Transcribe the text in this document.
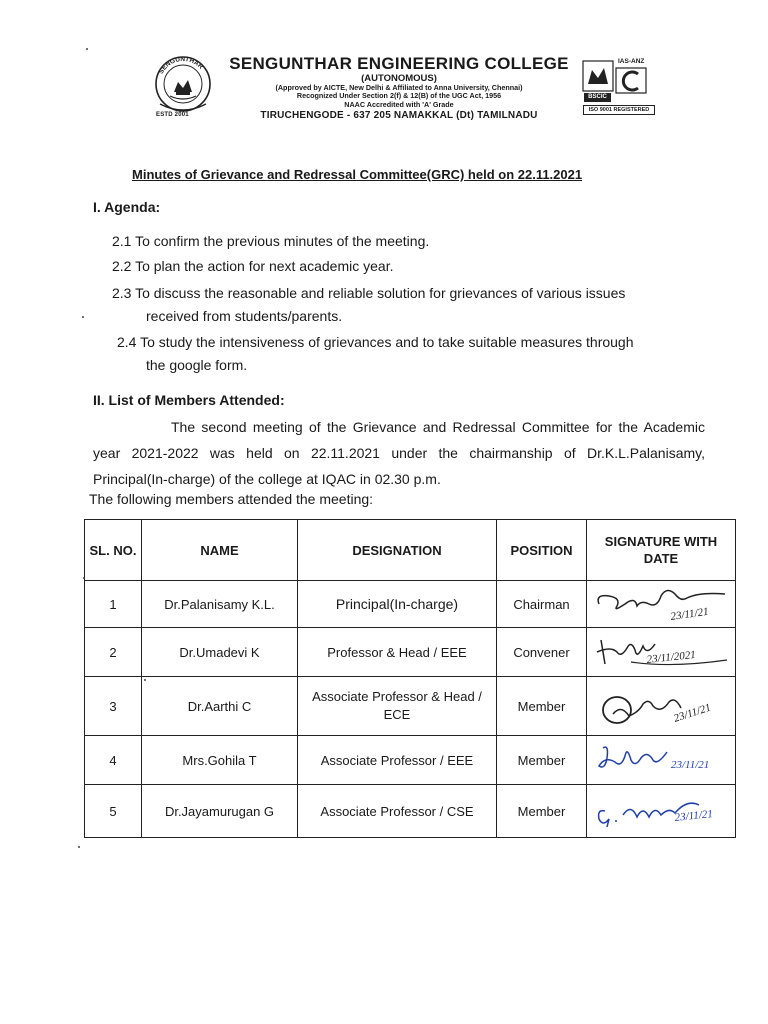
SENGUNTHAR
ESTD 2001
SENGUNTHAR ENGINEERING COLLEGE
(AUTONOMOUS)
(Approved by AICTE, New Delhi & Affiliated to Anna University, Chennai)
Recognized Under Section 2(f) & 12(B) of the UGC Act, 1956
NAAC Accredited with 'A' Grade
TIRUCHENGODE - 637 205 NAMAKKAL (Dt) TAMILNADU
IAS-ANZ
BSCIC
ISO 9001 REGISTERED
Minutes of Grievance and Redressal Committee(GRC) held on 22.11.2021
I. Agenda:
2.1 To confirm the previous minutes of the meeting.
2.2 To plan the action for next academic year.
2.3 To discuss the reasonable and reliable solution for grievances of various issues
received from students/parents.
2.4 To study the intensiveness of grievances and to take suitable measures through
the google form.
II. List of Members Attended:
The second meeting of the Grievance and Redressal Committee for the Academic year 2021-2022 was held on 22.11.2021 under the chairmanship of Dr.K.L.Palanisamy, Principal(In-charge) of the college at IQAC in 02.30 p.m.
The following members attended the meeting:
SL. NO.	NAME	DESIGNATION	POSITION	SIGNATURE WITH DATE
1	Dr.Palanisamy K.L.	Principal(In-charge)	Chairman	23/11/21

2	Dr.Umadevi K	Professor & Head / EEE	Convener	23/11/2021

3	Dr.Aarthi C	Associate Professor & Head / ECE	Member	23/11/21

4	Mrs.Gohila T	Associate Professor / EEE	Member	23/11/21

5	Dr.Jayamurugan G	Associate Professor / CSE	Member	23/11/21
